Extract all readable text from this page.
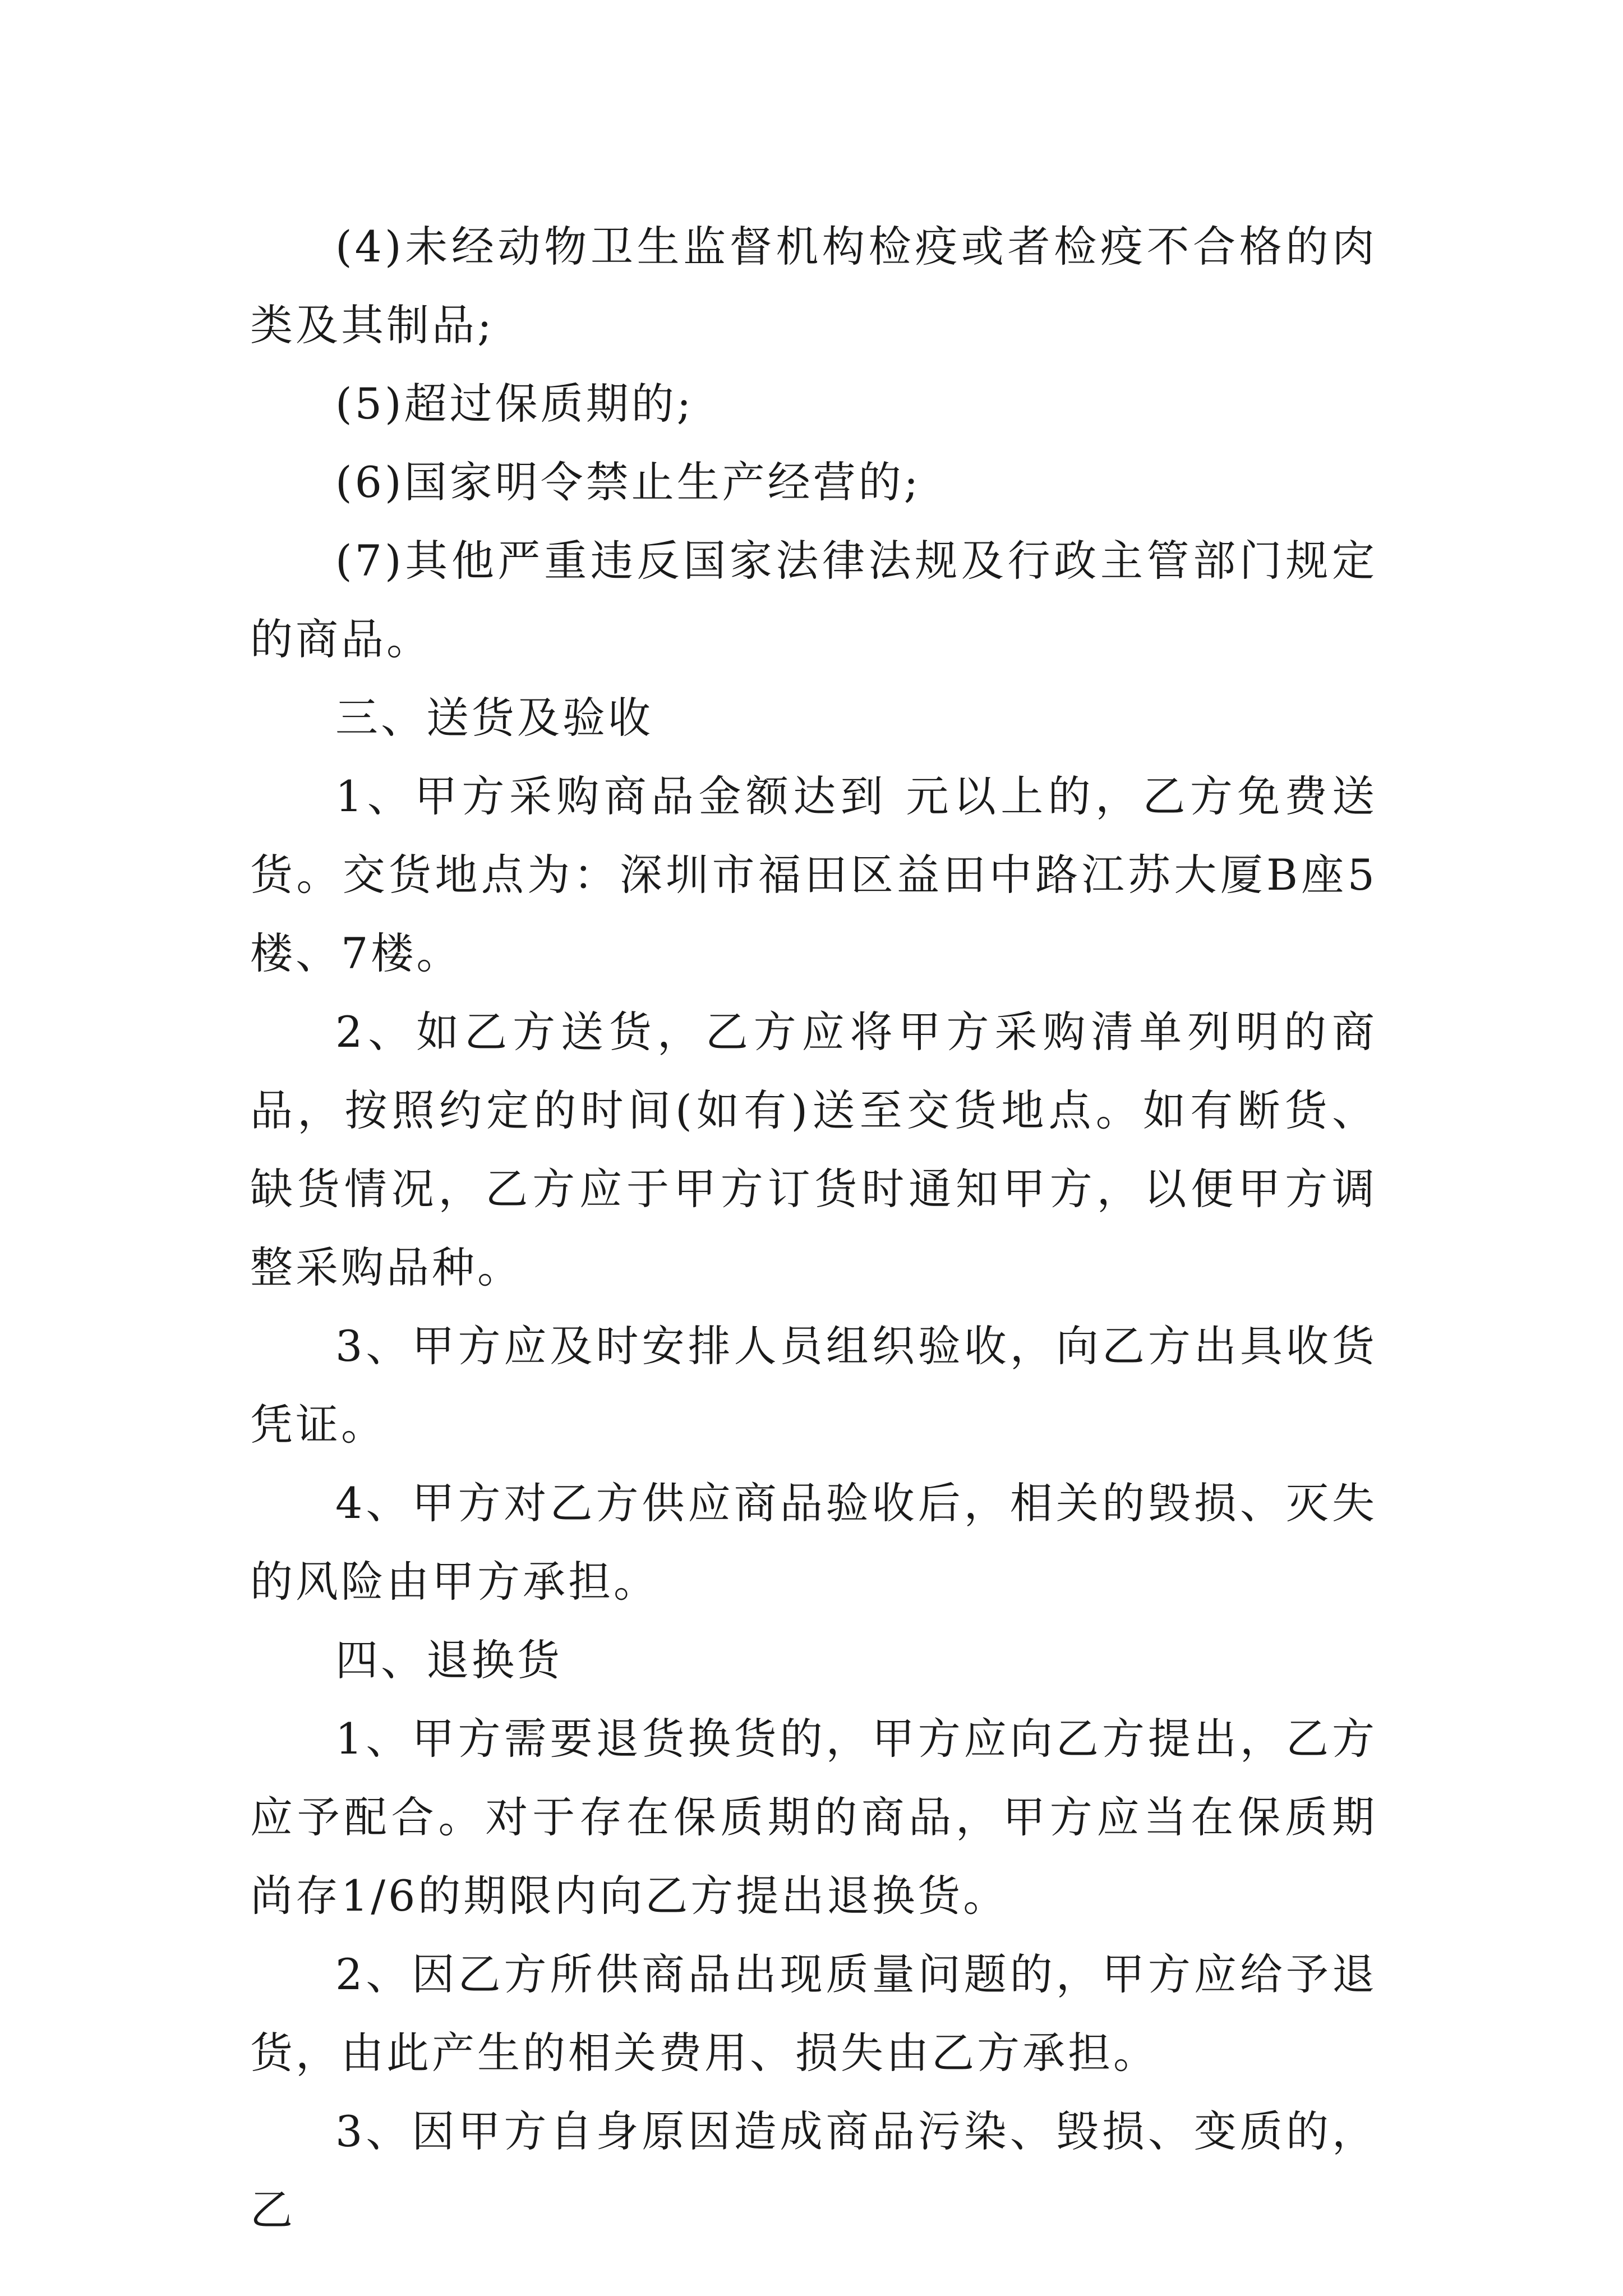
(4)未经动物卫生监督机构检疫或者检疫不合格的肉类及其制品;

(5)超过保质期的;

(6)国家明令禁止生产经营的;

(7)其他严重违反国家法律法规及行政主管部门规定的商品。

三、送货及验收

1、甲方采购商品金额达到 元以上的，乙方免费送货。交货地点为：深圳市福田区益田中路江苏大厦B座5楼、7楼。

2、如乙方送货，乙方应将甲方采购清单列明的商品，按照约定的时间(如有)送至交货地点。如有断货、缺货情况，乙方应于甲方订货时通知甲方，以便甲方调整采购品种。

3、甲方应及时安排人员组织验收，向乙方出具收货凭证。

4、甲方对乙方供应商品验收后，相关的毁损、灭失的风险由甲方承担。

四、退换货

1、甲方需要退货换货的，甲方应向乙方提出，乙方应予配合。对于存在保质期的商品，甲方应当在保质期尚存1/6的期限内向乙方提出退换货。

2、因乙方所供商品出现质量问题的，甲方应给予退货，由此产生的相关费用、损失由乙方承担。

3、因甲方自身原因造成商品污染、毁损、变质的，乙
